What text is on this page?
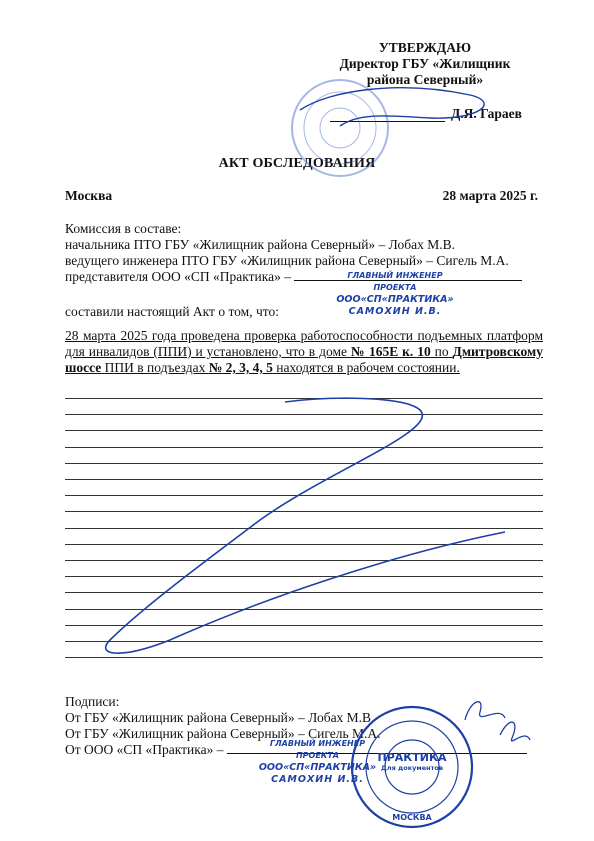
УТВЕРЖДАЮ
Директор ГБУ «Жилищник
района Северный»
Д.Я. Гараев
АКТ ОБСЛЕДОВАНИЯ
Москва	28 марта 2025 г.
Комиссия в составе:
начальника ПТО ГБУ «Жилищник района Северный» – Лобах М.В.
ведущего инженера ПТО ГБУ «Жилищник района Северный» – Сигель М.А.
представителя ООО «СП «Практика» –
составили настоящий Акт о том, что:
28 марта 2025 года проведена проверка работоспособности подъемных платформ для инвалидов (ППИ) и установлено, что в доме № 165Е к. 10 по Дмитровскому шоссе ППИ в подъездах № 2, 3, 4, 5 находятся в рабочем состоянии.
Подписи:
От ГБУ «Жилищник района Северный» – Лобах М.В.
От ГБУ «Жилищник района Северный» – Сигель М.А.
От ООО «СП «Практика» –
ГЛАВНЫЙ ИНЖЕНЕР ПРОЕКТА
ООО«СП«ПРАКТИКА»
САМОХИН И.В.
ГЛАВНЫЙ ИНЖЕНЕР ПРОЕКТА
ООО«СП«ПРАКТИКА»
САМОХИН И.В.
ПРАКТИКА
Для документов
МОСКВА
